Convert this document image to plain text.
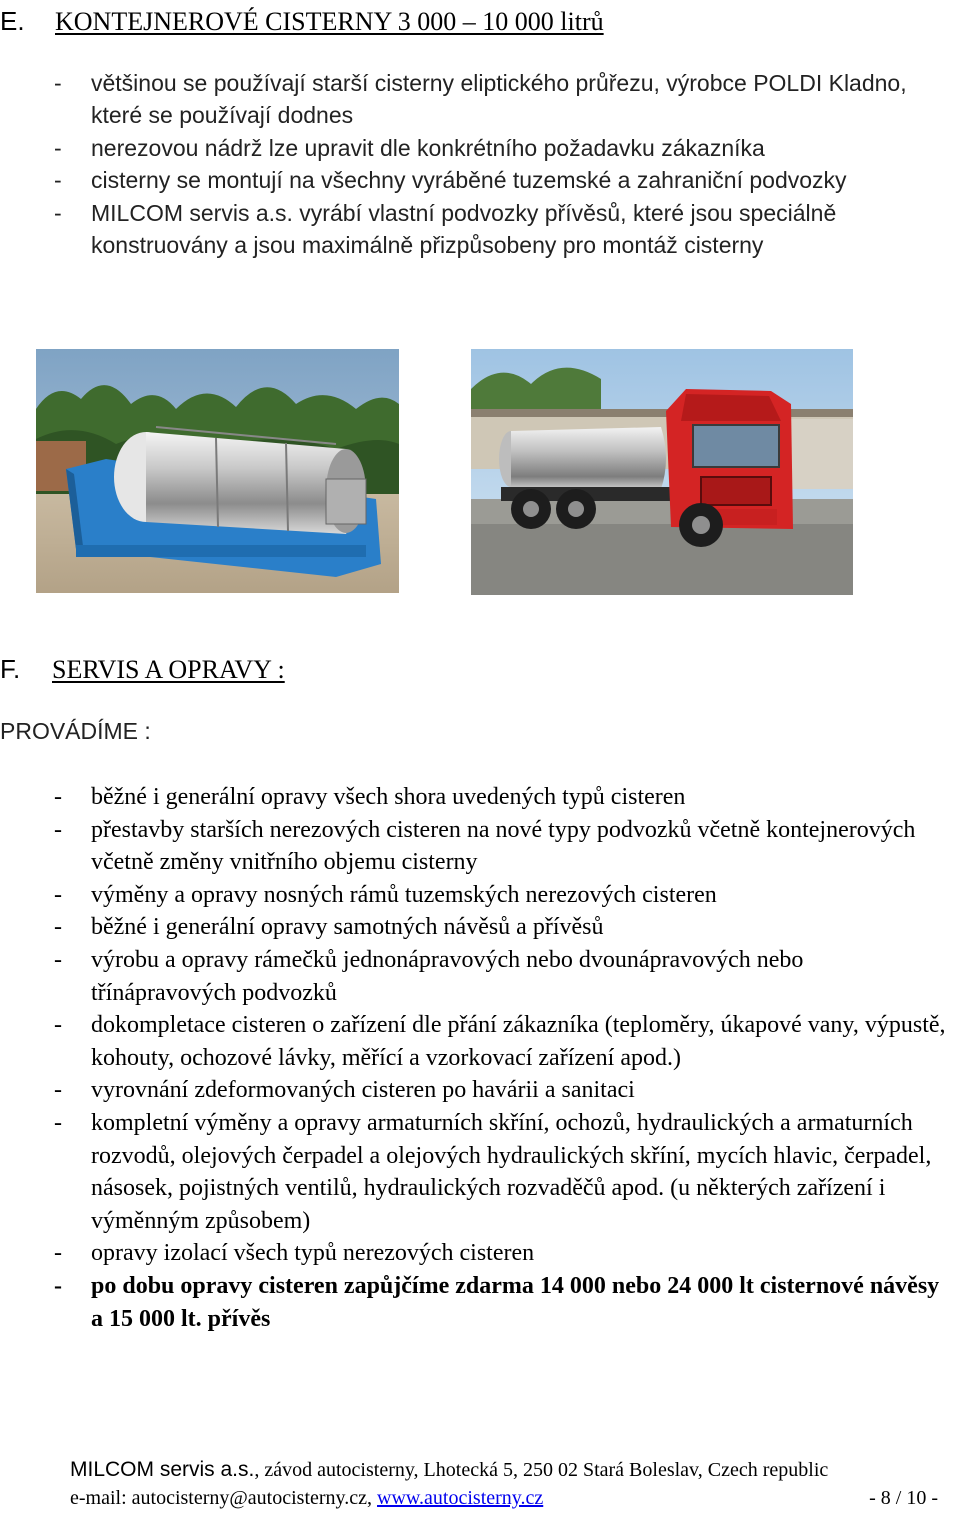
E. KONTEJNEROVÉ CISTERNY 3 000 – 10 000 litrů
- většinou se používají starší cisterny eliptického průřezu, výrobce POLDI Kladno, které se používají dodnes
- nerezovou nádrž lze upravit dle konkrétního požadavku zákazníka
- cisterny se montují na všechny vyráběné tuzemské a zahraniční podvozky
- MILCOM servis a.s. vyrábí vlastní podvozky přívěsů, které jsou speciálně konstruovány a jsou maximálně přizpůsobeny pro montáž cisterny
F. SERVIS A OPRAVY :
PROVÁDÍME :
- běžné i generální opravy všech shora uvedených typů cisteren
- přestavby starších nerezových cisteren na nové typy podvozků včetně kontejnerových včetně změny vnitřního objemu cisterny
- výměny a opravy nosných rámů tuzemských nerezových cisteren
- běžné i generální opravy samotných návěsů a přívěsů
- výrobu a opravy rámečků jednonápravových nebo dvounápravových nebo třínápravových podvozků
- dokompletace cisteren o zařízení dle přání zákazníka (teploměry, úkapové vany, výpustě, kohouty, ochozové lávky, měřící a vzorkovací zařízení apod.)
- vyrovnání zdeformovaných cisteren po havárii a sanitaci
- kompletní výměny a opravy armaturních skříní, ochozů, hydraulických a armaturních rozvodů, olejových čerpadel a olejových hydraulických skříní, mycích hlavic, čerpadel, násosek, pojistných ventilů, hydraulických rozvaděčů apod. (u některých zařízení i výměnným způsobem)
- opravy izolací všech typů nerezových cisteren
- po dobu opravy cisteren zapůjčíme zdarma 14 000 nebo 24 000 lt cisternové návěsy a 15 000 lt. přívěs
MILCOM servis a.s., závod autocisterny, Lhotecká 5, 250 02 Stará Boleslav, Czech republic
e-mail: autocisterny@autocisterny.cz, www.autocisterny.cz	- 8 / 10 -
